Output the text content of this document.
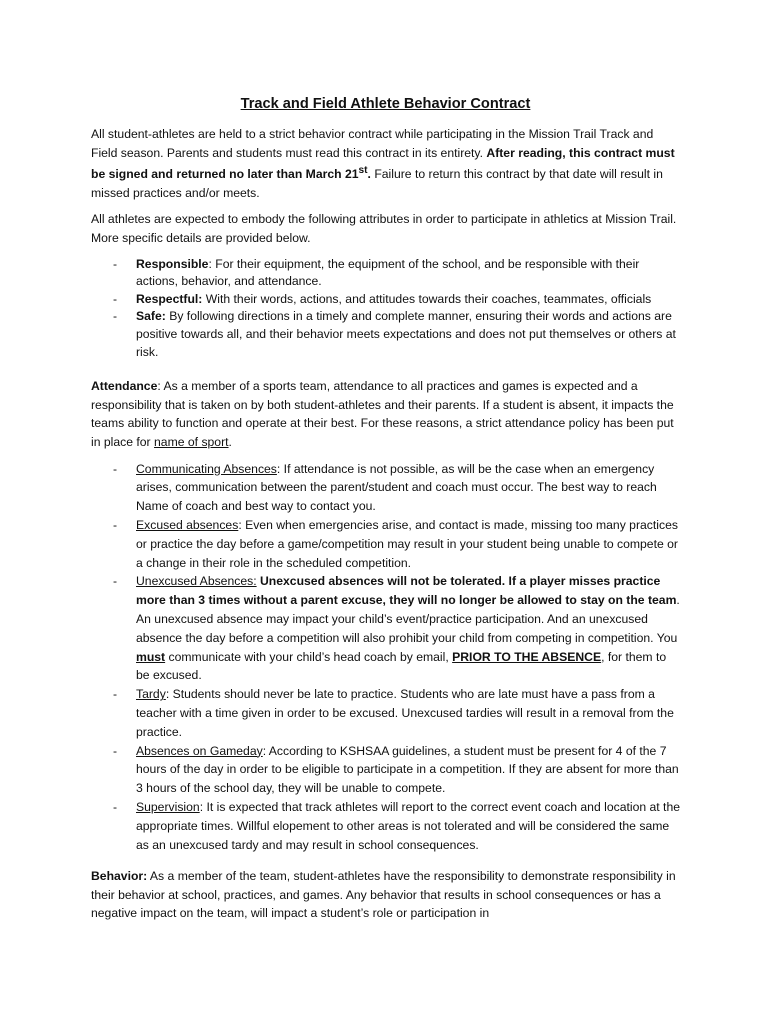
Track and Field Athlete Behavior Contract

All student-athletes are held to a strict behavior contract while participating in the Mission Trail Track and Field season. Parents and students must read this contract in its entirety. After reading, this contract must be signed and returned no later than March 21st. Failure to return this contract by that date will result in missed practices and/or meets.

All athletes are expected to embody the following attributes in order to participate in athletics at Mission Trail. More specific details are provided below.

- Responsible: For their equipment, the equipment of the school, and be responsible with their actions, behavior, and attendance.
- Respectful: With their words, actions, and attitudes towards their coaches, teammates, officials
- Safe: By following directions in a timely and complete manner, ensuring their words and actions are positive towards all, and their behavior meets expectations and does not put themselves or others at risk.

Attendance: As a member of a sports team, attendance to all practices and games is expected and a responsibility that is taken on by both student-athletes and their parents. If a student is absent, it impacts the teams ability to function and operate at their best. For these reasons, a strict attendance policy has been put in place for name of sport.

- Communicating Absences: If attendance is not possible, as will be the case when an emergency arises, communication between the parent/student and coach must occur. The best way to reach Name of coach and best way to contact you.
- Excused absences: Even when emergencies arise, and contact is made, missing too many practices or practice the day before a game/competition may result in your student being unable to compete or a change in their role in the scheduled competition.
- Unexcused Absences: Unexcused absences will not be tolerated. If a player misses practice more than 3 times without a parent excuse, they will no longer be allowed to stay on the team. An unexcused absence may impact your child’s event/practice participation. And an unexcused absence the day before a competition will also prohibit your child from competing in competition. You must communicate with your child’s head coach by email, PRIOR TO THE ABSENCE, for them to be excused.
- Tardy: Students should never be late to practice. Students who are late must have a pass from a teacher with a time given in order to be excused. Unexcused tardies will result in a removal from the practice.
- Absences on Gameday: According to KSHSAA guidelines, a student must be present for 4 of the 7 hours of the day in order to be eligible to participate in a competition. If they are absent for more than 3 hours of the school day, they will be unable to compete.
- Supervision: It is expected that track athletes will report to the correct event coach and location at the appropriate times. Willful elopement to other areas is not tolerated and will be considered the same as an unexcused tardy and may result in school consequences.

Behavior: As a member of the team, student-athletes have the responsibility to demonstrate responsibility in their behavior at school, practices, and games. Any behavior that results in school consequences or has a negative impact on the team, will impact a student’s role or participation in
